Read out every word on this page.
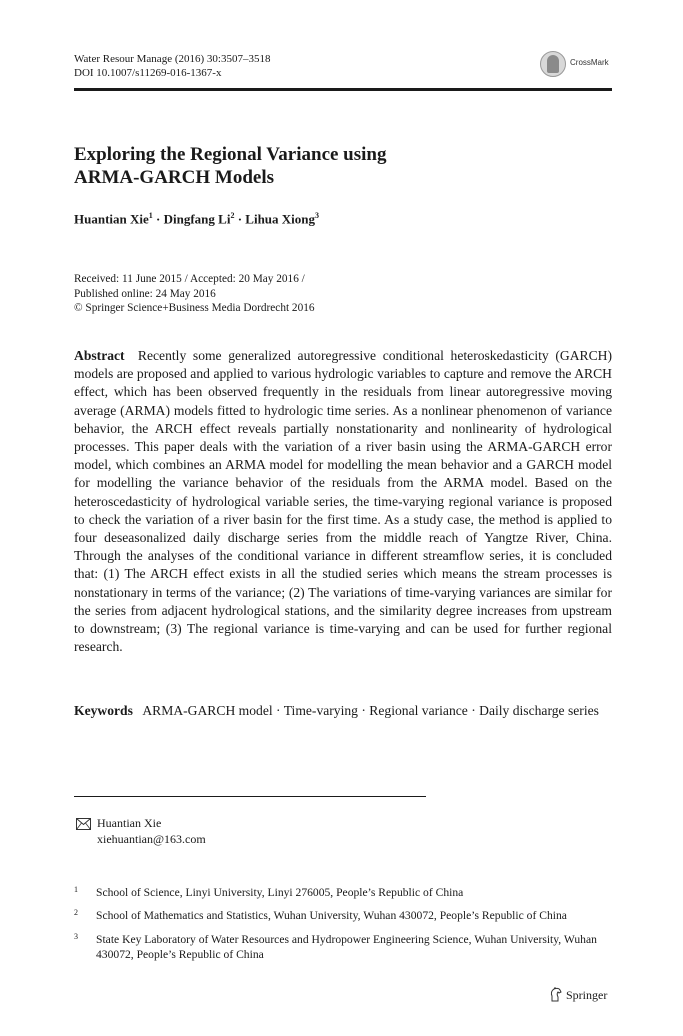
Water Resour Manage (2016) 30:3507–3518
DOI 10.1007/s11269-016-1367-x
CrossMark
Exploring the Regional Variance using
ARMA-GARCH Models
Huantian Xie$^1$ · Dingfang $Li^2$ · Lihua Xiong$^3$
Received: 11 June 2015 / Accepted: 20 May 2016 /
Published online: 24 May 2016
© Springer Science+Business Media Dordrecht 2016
Abstract Recently some generalized autoregressive conditional heteroskedasticity (GARCH) models are proposed and applied to various hydrologic variables to capture and remove the ARCH effect, which has been observed frequently in the residuals from linear autoregressive moving average (ARMA) models fitted to hydrologic time series. As a nonlinear phenomenon of variance behavior, the ARCH effect reveals partially nonstationarity and nonlinearity of hydrological processes. This paper deals with the variation of a river basin using the ARMA-GARCH error model, which combines an ARMA model for modelling the mean behavior and a GARCH model for modelling the variance behavior of the residuals from the ARMA model. Based on the heteroscedasticity of hydrological variable series, the time-varying regional variance is proposed to check the variation of a river basin for the first time. As a study case, the method is applied to four deseasonalized daily discharge series from the middle reach of Yangtze River, China. Through the analyses of the conditional variance in different streamflow series, it is concluded that: (1) The ARCH effect exists in all the studied series which means the stream processes is nonstationary in terms of the variance; (2) The variations of time-varying variances are similar for the series from adjacent hydrological stations, and the similarity degree increases from upstream to downstream; (3) The regional variance is time-varying and can be used for further regional research.
Keywords ARMA-GARCH model · Time-varying · Regional variance · Daily discharge series
Huantian Xie
xiehuantian@163.com
1 School of Science, Linyi University, Linyi 276005, People’s Republic of China
2 School of Mathematics and Statistics, Wuhan University, Wuhan 430072, People’s Republic of China
3 State Key Laboratory of Water Resources and Hydropower Engineering Science, Wuhan University, Wuhan 430072, People’s Republic of China
Springer
